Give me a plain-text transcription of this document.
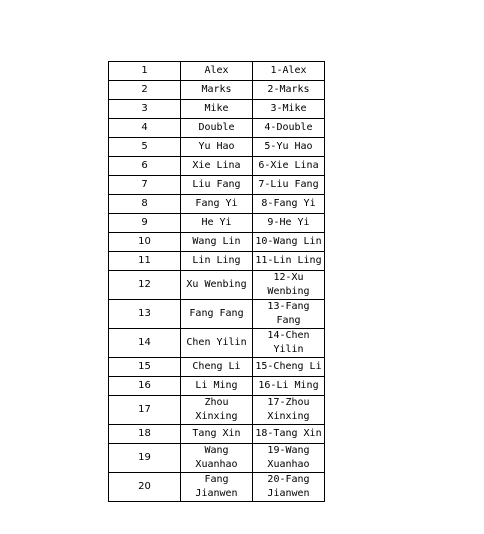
1	Alex	1-Alex
2	Marks	2-Marks
3	Mike	3-Mike
4	Double	4-Double
5	Yu Hao	5-Yu Hao
6	Xie Lina	6-Xie Lina
7	Liu Fang	7-Liu Fang
8	Fang Yi	8-Fang Yi
9	He Yi	9-He Yi
10	Wang Lin	10-Wang Lin
11	Lin Ling	11-Lin Ling
12	Xu Wenbing	12-Xu Wenbing
13	Fang Fang	13-Fang Fang
14	Chen Yilin	14-Chen Yilin
15	Cheng Li	15-Cheng Li
16	Li Ming	16-Li Ming
17	Zhou Xinxing	17-Zhou Xinxing
18	Tang Xin	18-Tang Xin
19	Wang Xuanhao	19-Wang Xuanhao
20	Fang Jianwen	20-Fang Jianwen
